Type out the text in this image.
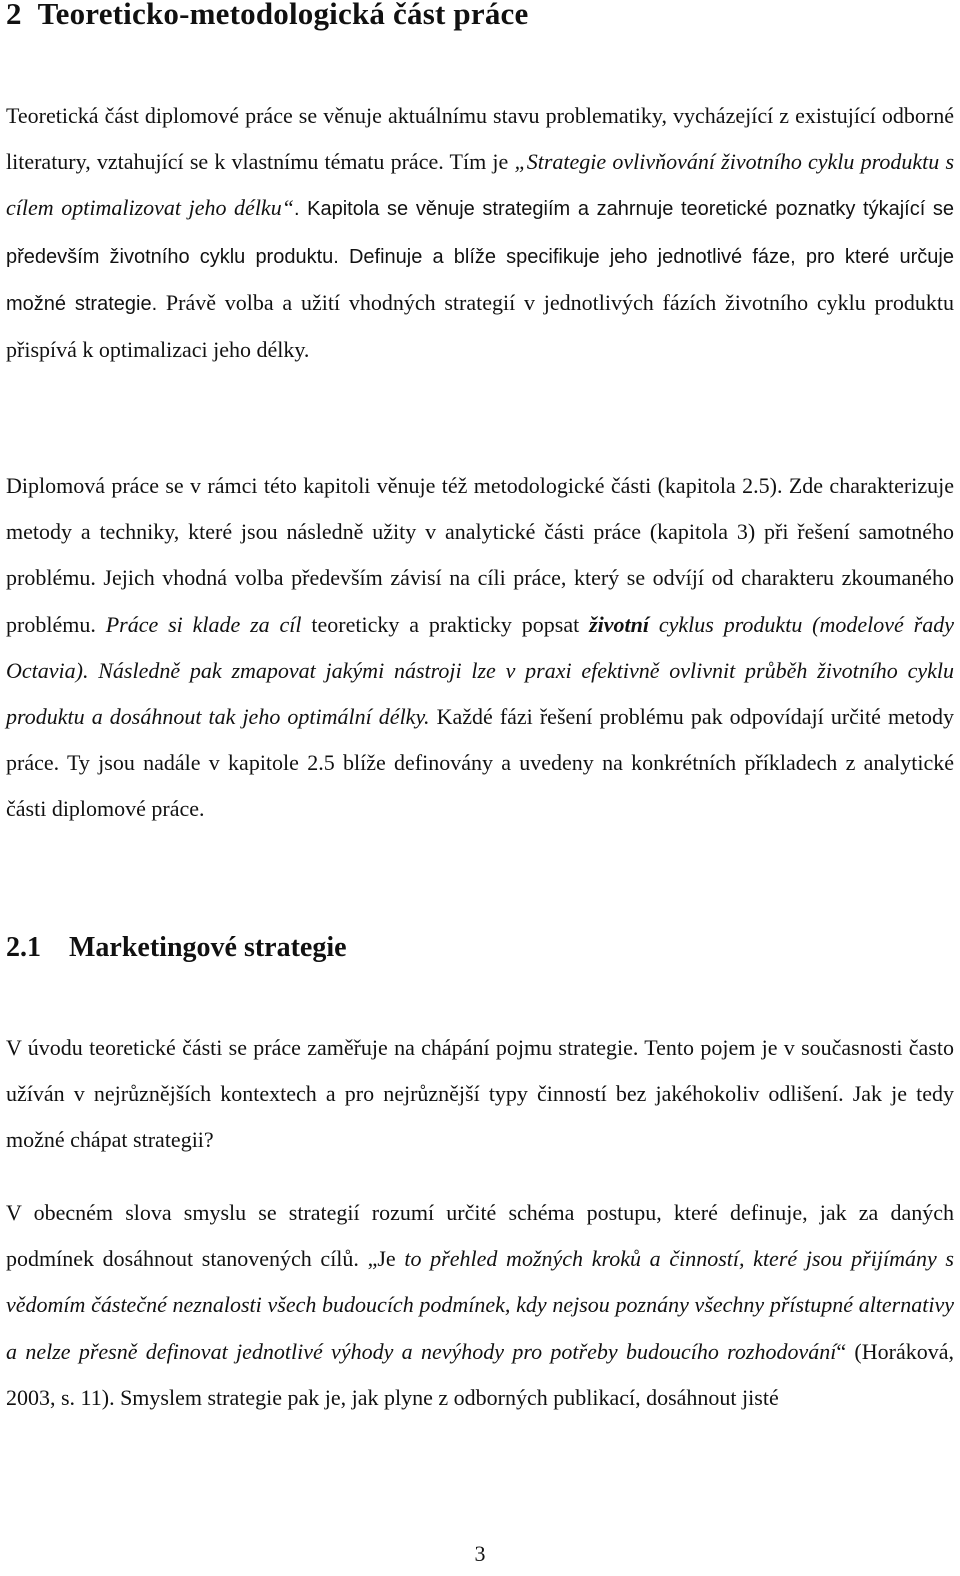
2 Teoreticko-metodologická část práce

Teoretická část diplomové práce se věnuje aktuálnímu stavu problematiky, vycházející z existující odborné literatury, vztahující se k vlastnímu tématu práce. Tím je „Strategie ovlivňování životního cyklu produktu s cílem optimalizovat jeho délku“. Kapitola se věnuje strategiím a zahrnuje teoretické poznatky týkající se především životního cyklu produktu. Definuje a blíže specifikuje jeho jednotlivé fáze, pro které určuje možné strategie. Právě volba a užití vhodných strategií v jednotlivých fázích životního cyklu produktu přispívá k optimalizaci jeho délky.

Diplomová práce se v rámci této kapitoli věnuje též metodologické části (kapitola 2.5). Zde charakterizuje metody a techniky, které jsou následně užity v analytické části práce (kapitola 3) při řešení samotného problému. Jejich vhodná volba především závisí na cíli práce, který se odvíjí od charakteru zkoumaného problému. Práce si klade za cíl teoreticky a prakticky popsat životní cyklus produktu (modelové řady Octavia). Následně pak zmapovat jakými nástroji lze v praxi efektivně ovlivnit průběh životního cyklu produktu a dosáhnout tak jeho optimální délky. Každé fázi řešení problému pak odpovídají určité metody práce. Ty jsou nadále v kapitole 2.5 blíže definovány a uvedeny na konkrétních příkladech z analytické části diplomové práce.

2.1 Marketingové strategie

V úvodu teoretické části se práce zaměřuje na chápání pojmu strategie. Tento pojem je v současnosti často užíván v nejrůznějších kontextech a pro nejrůznější typy činností bez jakéhokoliv odlišení. Jak je tedy možné chápat strategii?

V obecném slova smyslu se strategií rozumí určité schéma postupu, které definuje, jak za daných podmínek dosáhnout stanovených cílů. „Je to přehled možných kroků a činností, které jsou přijímány s vědomím částečné neznalosti všech budoucích podmínek, kdy nejsou poznány všechny přístupné alternativy a nelze přesně definovat jednotlivé výhody a nevýhody pro potřeby budoucího rozhodování“ (Horáková, 2003, s. 11). Smyslem strategie pak je, jak plyne z odborných publikací, dosáhnout jisté

3
